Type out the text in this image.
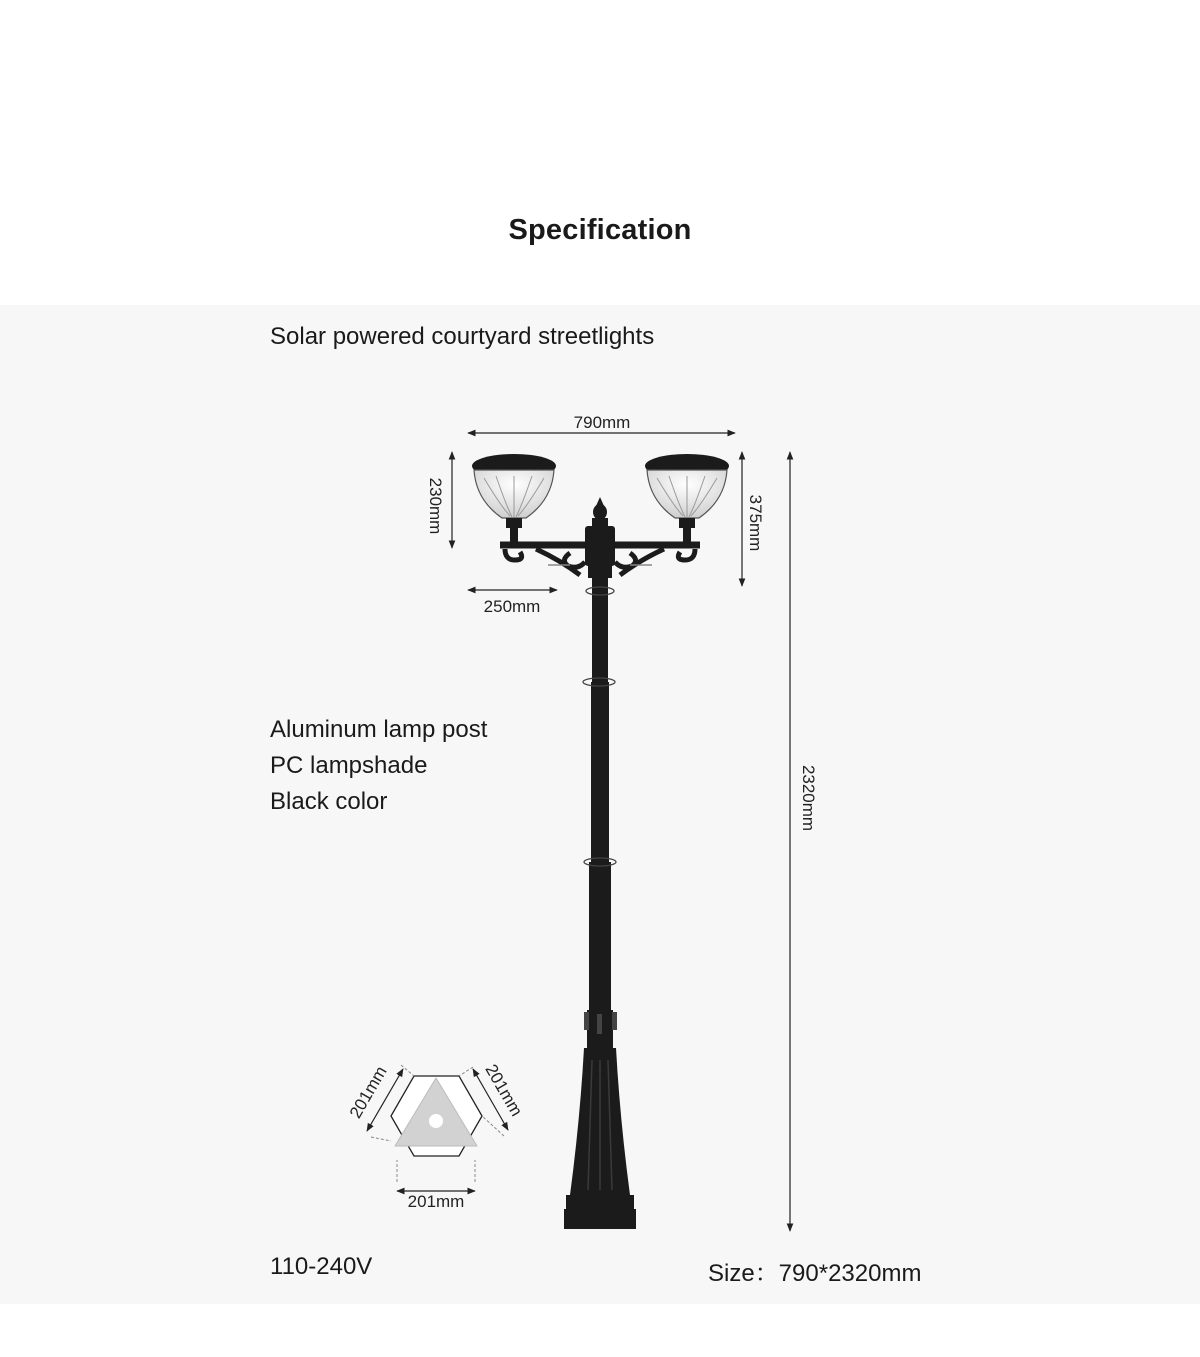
Specification
Solar powered courtyard streetlights
Aluminum lamp post
PC lampshade
Black color
790mm
230mm	375mm
250mm
2320mm
201mm
201mm	201mm
110-240V	Size：790*2320mm
